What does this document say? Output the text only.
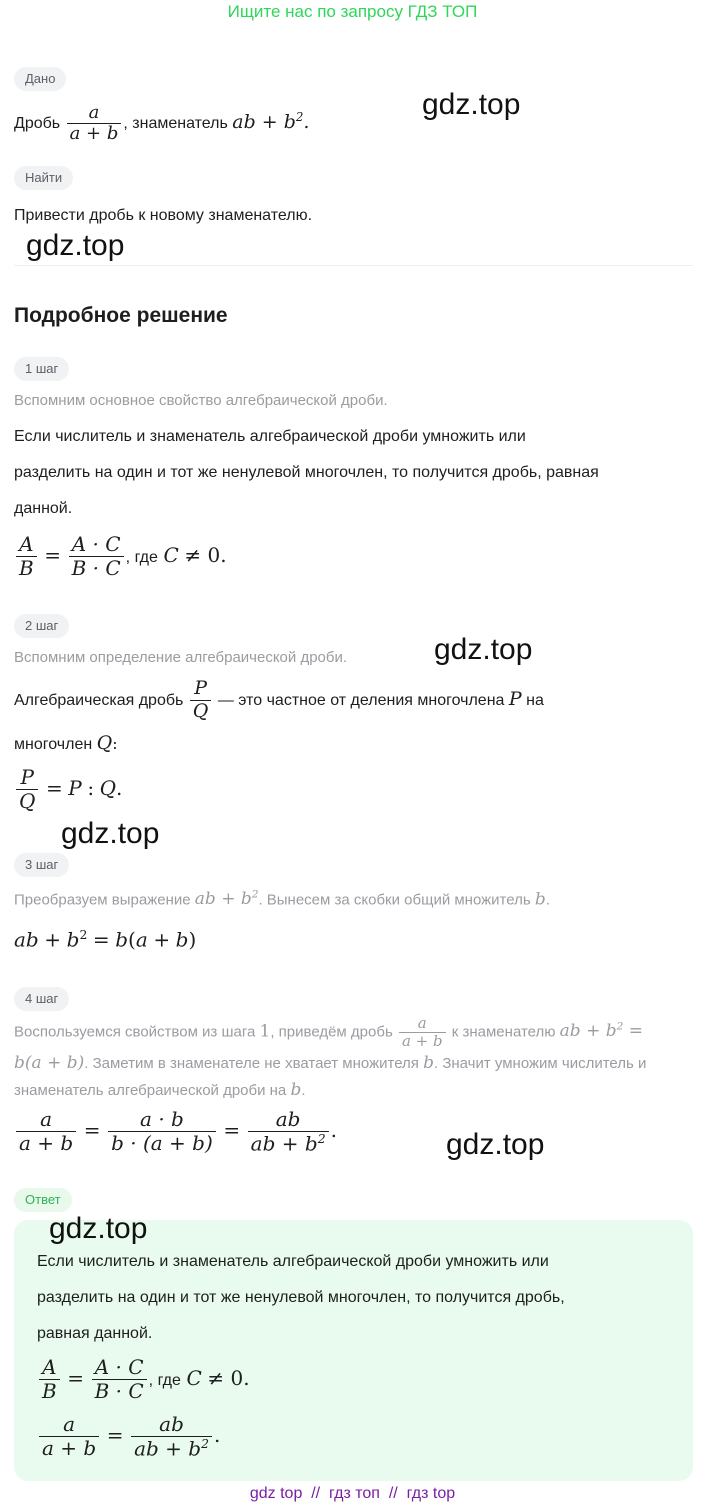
Ищите нас по запросу ГДЗ ТОП
Дано
Дробь $\frac{a}{a + b}$ , знаменатель ab + $b^2$.
Найти
Привести дробь к новому знаменателю.
Подробное решение
1 шаг
Вспомним основное свойство алгебраической дроби.
Если числитель и знаменатель алгебраической дроби умножить или
разделить на один и тот же ненулевой многочлен, то получится дробь, равная
данной.
$\frac{A}{B} = \frac{A \cdot C}{B \cdot C}$ , где C ≠ 0.
2 шаг
Вспомним определение алгебраической дроби.
Алгебраическая дробь $\frac{P}{Q}$ — это частное от деления многочлена P на
многочлен Q:
$\frac{P}{Q} = P$ : Q.
3 шаг
Преобразуем выражение ab + $b^2$. Вынесем за скобки общий множитель b.
ab + $b^2 = b(a + b)$
4 шаг
Воспользуемся свойством из шага 1, приведём дробь $\frac{a}{a + b}$ к знаменателю ab + $b^2$ =
b(a + b). Заметим в знаменателе не хватает множителя b. Значит умножим числитель и
знаменатель алгебраической дроби на b.
$\frac{a}{a + b} = \frac{a \cdot b}{b \cdot (a + b)} = \frac{ab}{ab + b^2}$ .
Ответ
Если числитель и знаменатель алгебраической дроби умножить или
разделить на один и тот же ненулевой многочлен, то получится дробь,
равная данной.
$\frac{A}{B} = \frac{A \cdot C}{B \cdot C}$ , где C ≠ 0.
$\frac{a}{a + b} = \frac{ab}{ab + b^2}$ .
gdz.top
gdz.top
gdz.top
gdz.top
gdz.top
gdz.top
gdz top // гдз топ // гдз top
